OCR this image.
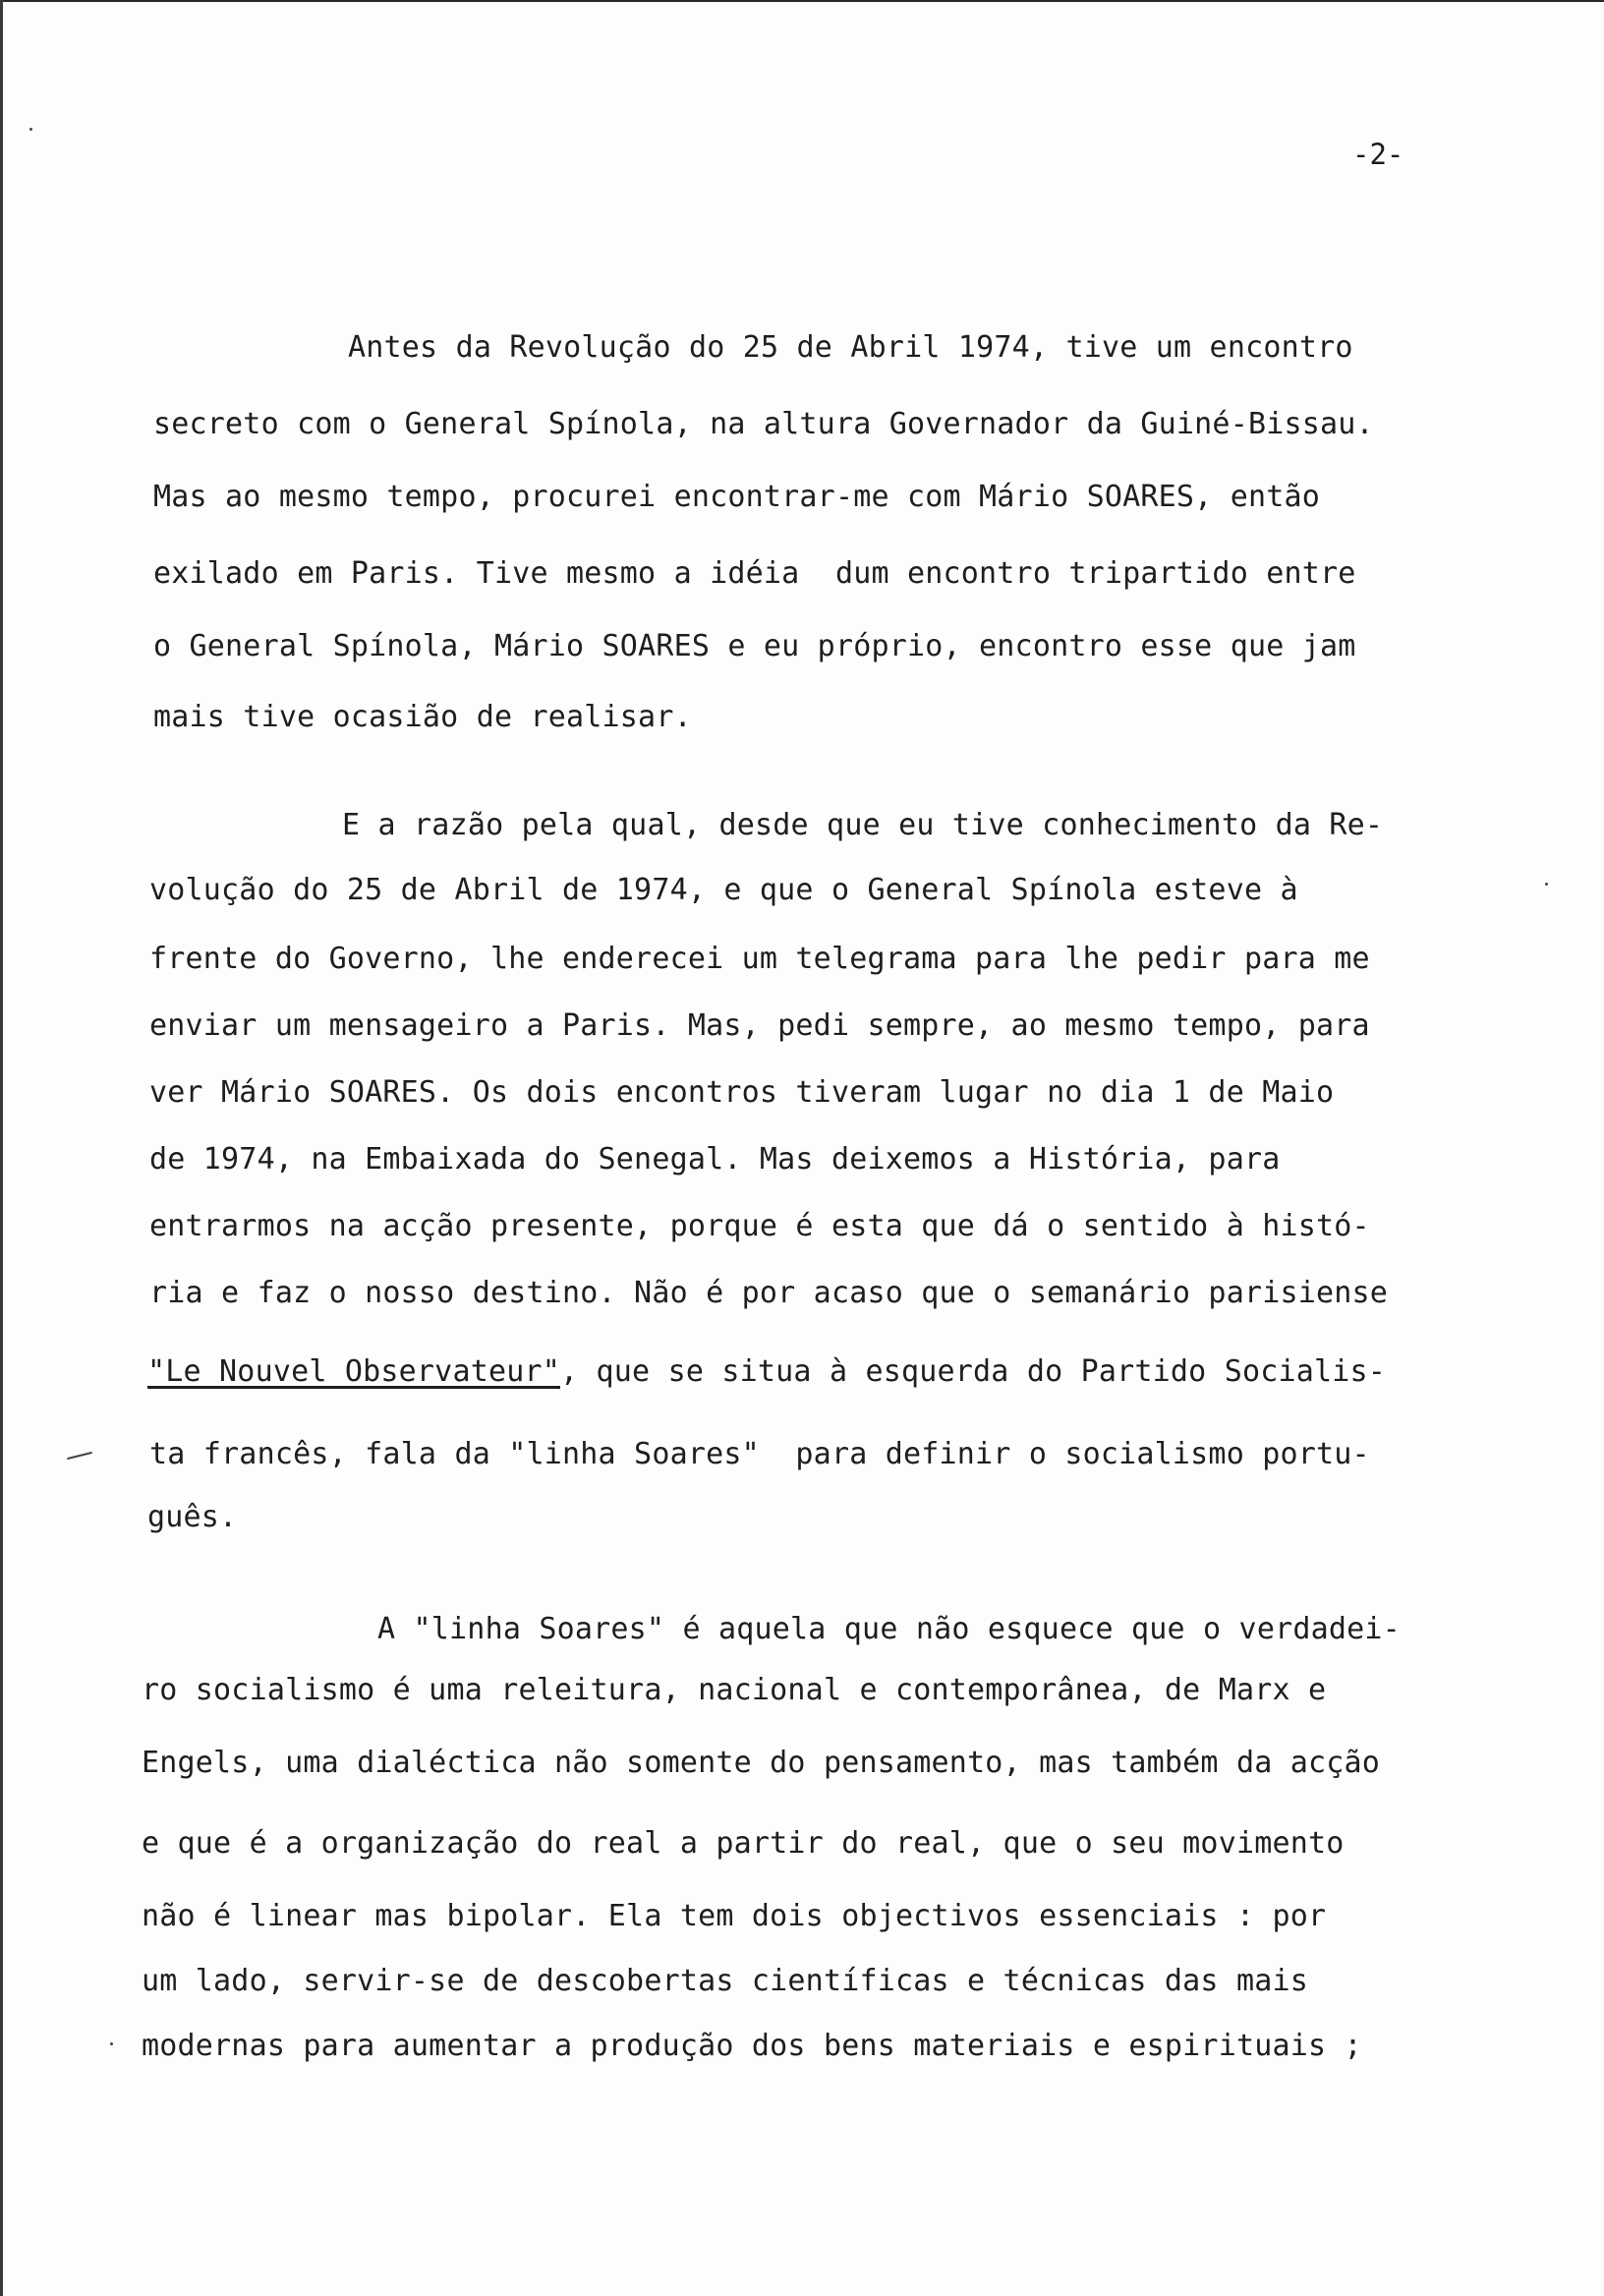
-2-
Antes da Revolução do 25 de Abril 1974, tive um encontro
secreto com o General Spínola, na altura Governador da Guiné-Bissau.
Mas ao mesmo tempo, procurei encontrar-me com Mário SOARES, então
exilado em Paris. Tive mesmo a idéia  dum encontro tripartido entre
o General Spínola, Mário SOARES e eu próprio, encontro esse que jam
mais tive ocasião de realisar.
E a razão pela qual, desde que eu tive conhecimento da Re-
volução do 25 de Abril de 1974, e que o General Spínola esteve à
frente do Governo, lhe enderecei um telegrama para lhe pedir para me
enviar um mensageiro a Paris. Mas, pedi sempre, ao mesmo tempo, para
ver Mário SOARES. Os dois encontros tiveram lugar no dia 1 de Maio
de 1974, na Embaixada do Senegal. Mas deixemos a História, para
entrarmos na acção presente, porque é esta que dá o sentido à histó-
ria e faz o nosso destino. Não é por acaso que o semanário parisiense
"Le Nouvel Observateur", que se situa à esquerda do Partido Socialis-
ta francês, fala da "linha Soares"  para definir o socialismo portu-
guês.
A "linha Soares" é aquela que não esquece que o verdadei-
ro socialismo é uma releitura, nacional e contemporânea, de Marx e
Engels, uma dialéctica não somente do pensamento, mas também da acção
e que é a organização do real a partir do real, que o seu movimento
não é linear mas bipolar. Ela tem dois objectivos essenciais : por
um lado, servir-se de descobertas científicas e técnicas das mais
modernas para aumentar a produção dos bens materiais e espirituais ;
